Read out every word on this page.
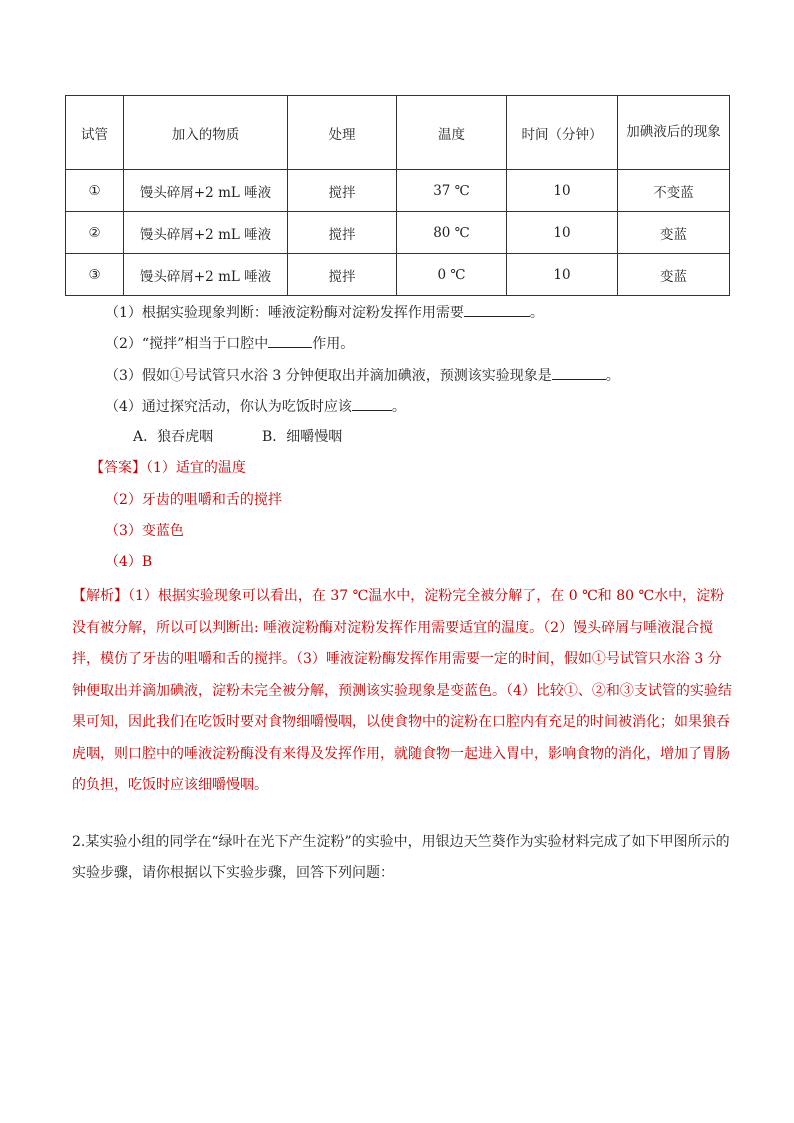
试管	加入的物质	处理	温度	时间（分钟）	加碘液后的现象
①	馒头碎屑+2 mL 唾液	搅拌	37 ℃	10	不变蓝
②	馒头碎屑+2 mL 唾液	搅拌	80 ℃	10	变蓝
③	馒头碎屑+2 mL 唾液	搅拌	0 ℃	10	变蓝
（1）根据实验现象判断：唾液淀粉酶对淀粉发挥作用需要	。
（2）“搅拌”相当于口腔中	作用。
（3）假如①号试管只水浴 3 分钟便取出并滴加碘液，预测该实验现象是	。
（4）通过探究活动，你认为吃饭时应该	。
A．狼吞虎咽	B．细嚼慢咽
【答案】（1）适宜的温度
（2）牙齿的咀嚼和舌的搅拌
（3）变蓝色
（4）B
【解析】（1）根据实验现象可以看出，在 37 ℃温水中，淀粉完全被分解了，在 0 ℃和 80 ℃水中，淀粉没有被分解，所以可以判断出: 唾液淀粉酶对淀粉发挥作用需要适宜的温度。（2）馒头碎屑与唾液混合搅拌，模仿了牙齿的咀嚼和舌的搅拌。（3）唾液淀粉酶发挥作用需要一定的时间，假如①号试管只水浴 3 分钟便取出并滴加碘液，淀粉未完全被分解，预测该实验现象是变蓝色。（4）比较①、②和③支试管的实验结果可知，因此我们在吃饭时要对食物细嚼慢咽，以使食物中的淀粉在口腔内有充足的时间被消化；如果狼吞虎咽，则口腔中的唾液淀粉酶没有来得及发挥作用，就随食物一起进入胃中，影响食物的消化，增加了胃肠的负担，吃饭时应该细嚼慢咽。
2.某实验小组的同学在“绿叶在光下产生淀粉”的实验中，用银边天竺葵作为实验材料完成了如下甲图所示的
实验步骤，请你根据以下实验步骤，回答下列问题：
